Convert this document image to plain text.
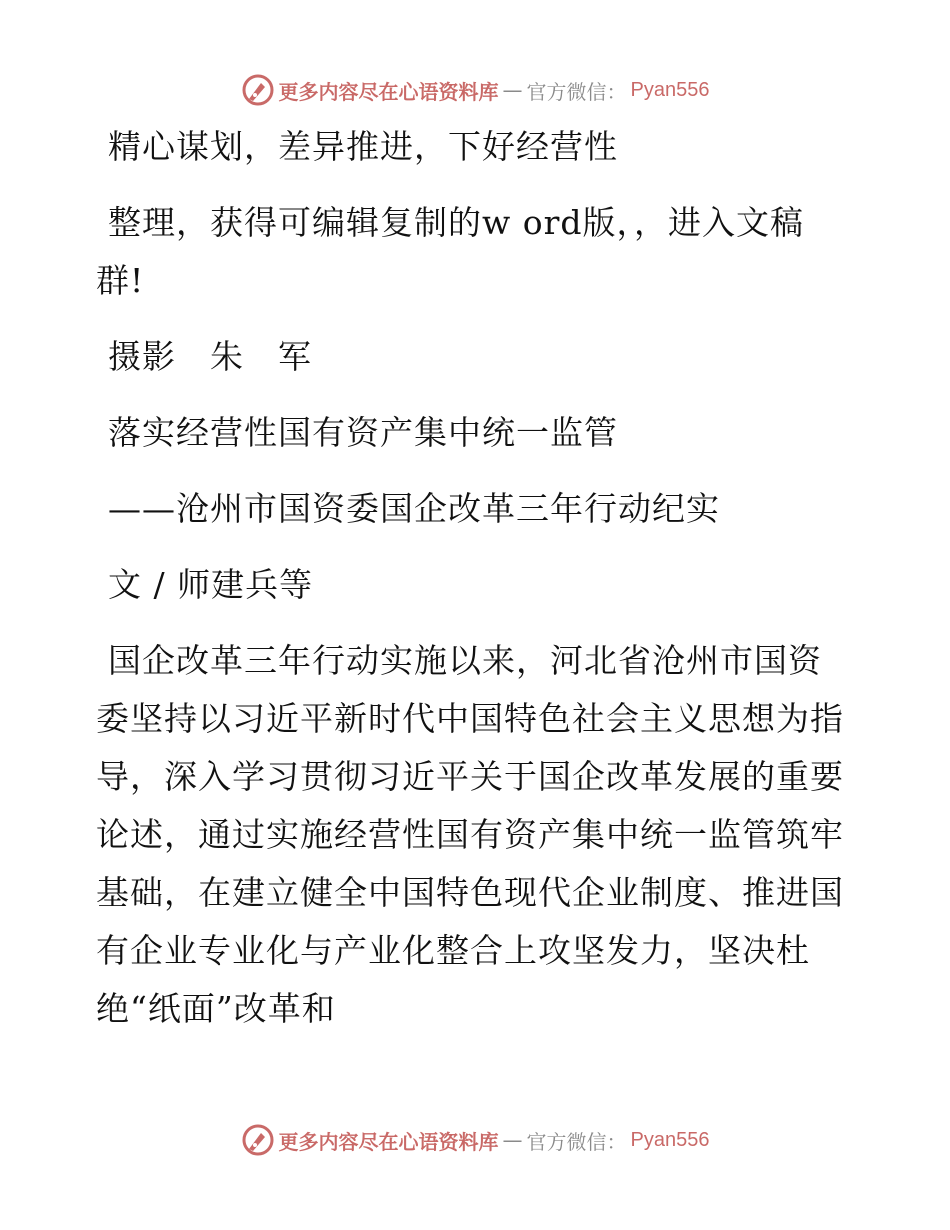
更多内容尽在心语资料库 — 官方微信： Pyan556

精心谋划，差异推进，下好经营性

整理，获得可编辑复制的w ord版，，进入文稿

群!

摄影　朱　军

落实经营性国有资产集中统一监管

——沧州市国资委国企改革三年行动纪实

文 / 师建兵等

国企改革三年行动实施以来，河北省沧州市国资

委坚持以习近平新时代中国特色社会主义思想为指

导，深入学习贯彻习近平关于国企改革发展的重要

论述，通过实施经营性国有资产集中统一监管筑牢

基础，在建立健全中国特色现代企业制度、推进国

有企业专业化与产业化整合上攻坚发力，坚决杜

绝“纸面”改革和

更多内容尽在心语资料库 — 官方微信： Pyan556
